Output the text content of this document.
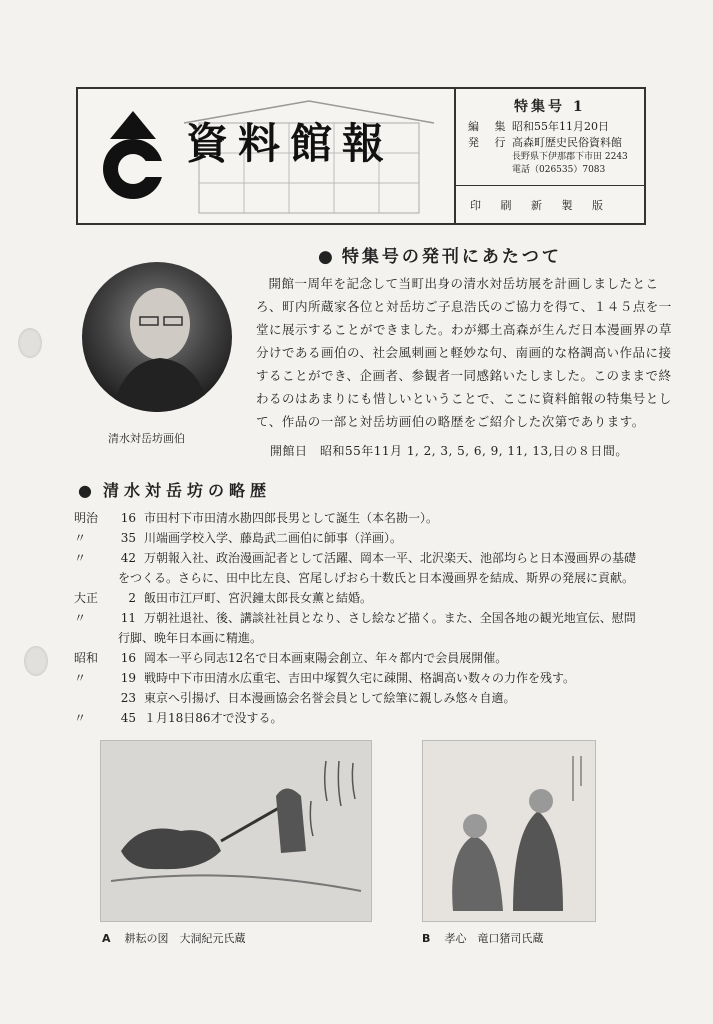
資料館報
特集号 1
編 集昭和55年11月20日
発 行高森町歴史民俗資料館
長野県下伊那郡下市田 2243
電話（026535）7083
印 刷 新 製 版
● 特集号の発刊にあたつて
清水対岳坊画伯
開館一周年を記念して当町出身の清水対岳坊展を計画しましたところ、町内所蔵家各位と対岳坊ご子息浩氏のご協力を得て、１４５点を一堂に展示することができました。わが郷土高森が生んだ日本漫画界の草分けである画伯の、社会風刺画と軽妙な句、南画的な格調高い作品に接することができ、企画者、参観者一同感銘いたしました。このままで終わるのはあまりにも惜しいということで、ここに資料館報の特集号として、作品の一部と対岳坊画伯の略歴をご紹介した次第であります。
開館日　昭和55年11月 1, 2, 3, 5, 6, 9, 11, 13,日の８日間。
● 清水対岳坊の略歴
明治	16 市田村下市田清水勘四郎長男として誕生（本名勘一）。
〃	35 川端画学校入学、藤島武二画伯に師事（洋画）。
〃	42 万朝報入社、政治漫画記者として活躍、岡本一平、北沢楽天、池部均らと日本漫画界の基礎
をつくる。さらに、田中比左良、宮尾しげおら十数氏と日本漫画界を結成、斯界の発展に貢献。
大正	2 飯田市江戸町、宮沢鐘太郎長女薫と結婚。
〃	11 万朝社退社、後、講談社社員となり、さし絵など描く。また、全国各地の観光地宣伝、慰問
行脚、晩年日本画に精進。
昭和	16 岡本一平ら同志12名で日本画東陽会創立、年々都内で会員展開催。
〃	19 戦時中下市田清水広重宅、吉田中塚賀久宅に疎開、格調高い数々の力作を残す。
23 東京へ引揚げ、日本漫画協会名誉会員として絵筆に親しみ悠々自適。
〃	45 １月18日86才で没する。
A 耕耘の図　大洞紀元氏蔵	B 孝心　竜口猪司氏蔵
